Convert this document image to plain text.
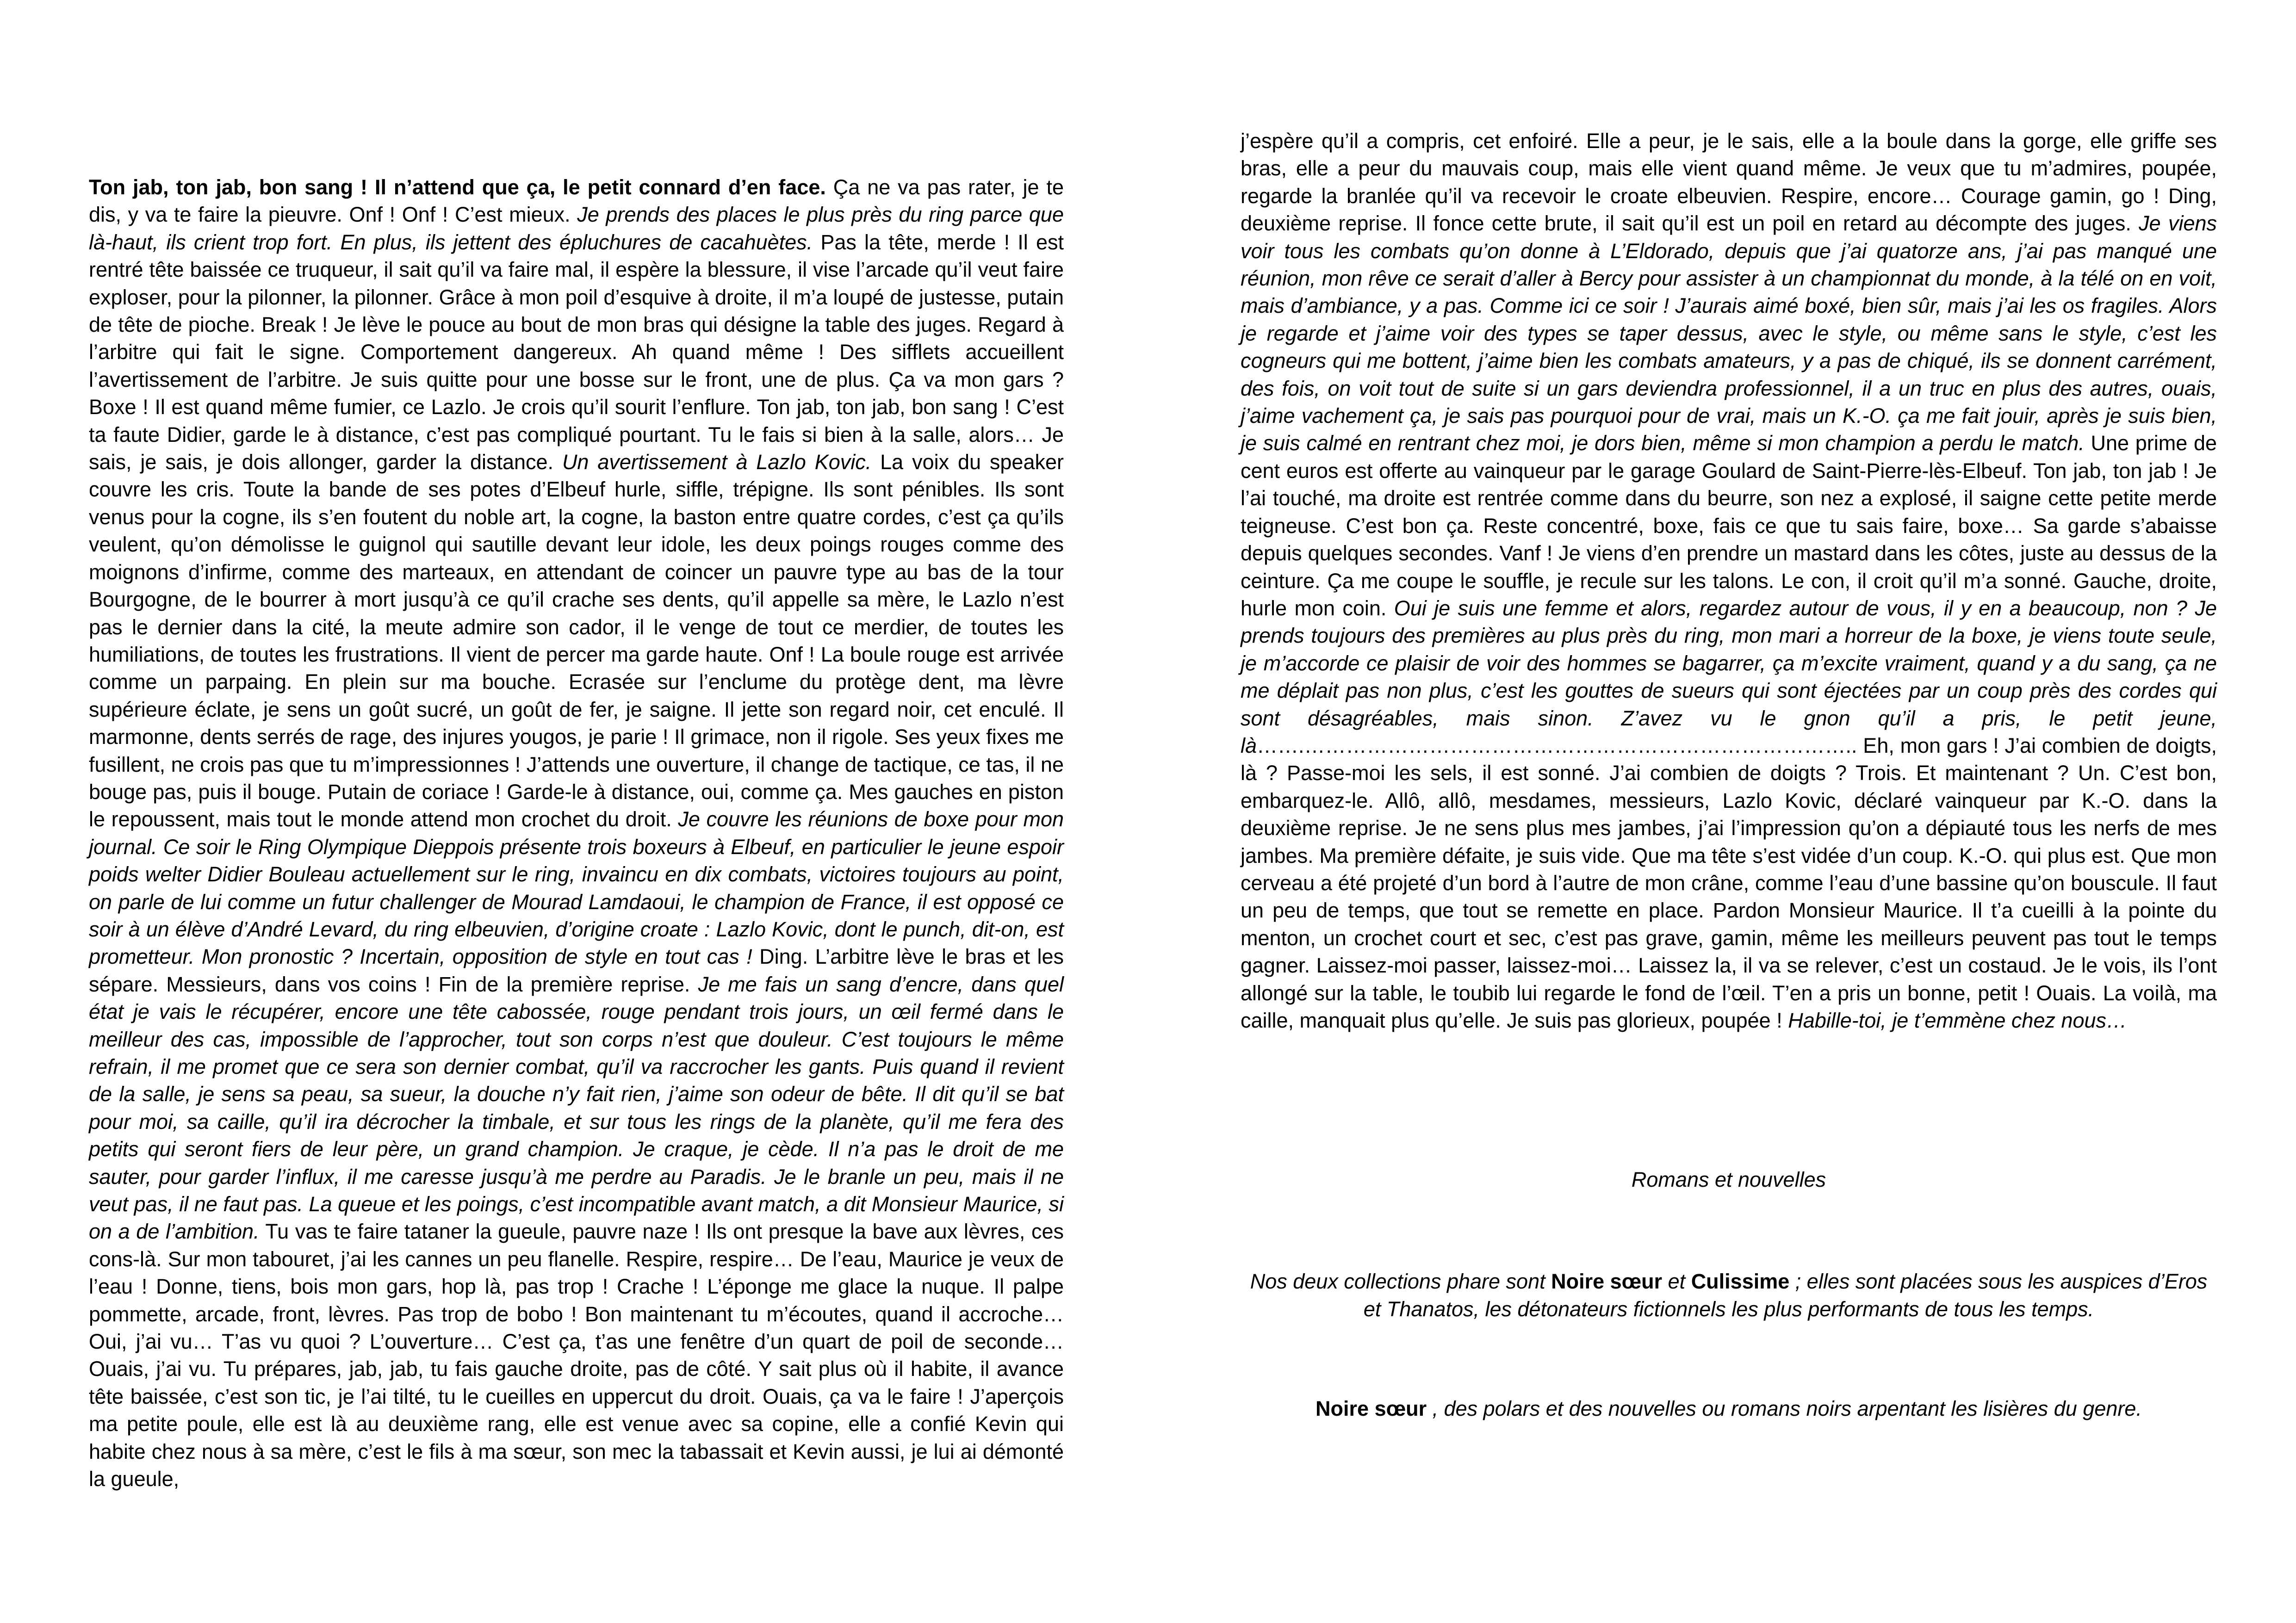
Ton jab, ton jab, bon sang ! Il n’attend que ça, le petit connard d’en face. Ça ne va pas rater, je te dis, y va te faire la pieuvre. Onf ! Onf ! C’est mieux. Je prends des places le plus près du ring parce que là-haut, ils crient trop fort. En plus, ils jettent des épluchures de cacahuètes. Pas la tête, merde ! Il est rentré tête baissée ce truqueur, il sait qu’il va faire mal, il espère la blessure, il vise l’arcade qu’il veut faire exploser, pour la pilonner, la pilonner. Grâce à mon poil d’esquive à droite, il m’a loupé de justesse, putain de tête de pioche. Break ! Je lève le pouce au bout de mon bras qui désigne la table des juges. Regard à l’arbitre qui fait le signe. Comportement dangereux. Ah quand même ! Des sifflets accueillent l’avertissement de l’arbitre. Je suis quitte pour une bosse sur le front, une de plus. Ça va mon gars ? Boxe ! Il est quand même fumier, ce Lazlo. Je crois qu’il sourit l’enflure. Ton jab, ton jab, bon sang ! C’est ta faute Didier, garde le à distance, c’est pas compliqué pourtant. Tu le fais si bien à la salle, alors… Je sais, je sais, je dois allonger, garder la distance. Un avertissement à Lazlo Kovic. La voix du speaker couvre les cris. Toute la bande de ses potes d’Elbeuf hurle, siffle, trépigne. Ils sont pénibles. Ils sont venus pour la cogne, ils s’en foutent du noble art, la cogne, la baston entre quatre cordes, c’est ça qu’ils veulent, qu’on démolisse le guignol qui sautille devant leur idole, les deux poings rouges comme des moignons d’infirme, comme des marteaux, en attendant de coincer un pauvre type au bas de la tour Bourgogne, de le bourrer à mort jusqu’à ce qu’il crache ses dents, qu’il appelle sa mère, le Lazlo n’est pas le dernier dans la cité, la meute admire son cador, il le venge de tout ce merdier, de toutes les humiliations, de toutes les frustrations. Il vient de percer ma garde haute. Onf ! La boule rouge est arrivée comme un parpaing. En plein sur ma bouche. Ecrasée sur l’enclume du protège dent, ma lèvre supérieure éclate, je sens un goût sucré, un goût de fer, je saigne. Il jette son regard noir, cet enculé. Il marmonne, dents serrés de rage, des injures yougos, je parie ! Il grimace, non il rigole. Ses yeux fixes me fusillent, ne crois pas que tu m’impressionnes ! J’attends une ouverture, il change de tactique, ce tas, il ne bouge pas, puis il bouge. Putain de coriace ! Garde-le à distance, oui, comme ça. Mes gauches en piston le repoussent, mais tout le monde attend mon crochet du droit. Je couvre les réunions de boxe pour mon journal. Ce soir le Ring Olympique Dieppois présente trois boxeurs à Elbeuf, en particulier le jeune espoir poids welter Didier Bouleau actuellement sur le ring, invaincu en dix combats, victoires toujours au point, on parle de lui comme un futur challenger de Mourad Lamdaoui, le champion de France, il est opposé ce soir à un élève d’André Levard, du ring elbeuvien, d’origine croate : Lazlo Kovic, dont le punch, dit-on, est prometteur. Mon pronostic ? Incertain, opposition de style en tout cas ! Ding. L’arbitre lève le bras et les sépare. Messieurs, dans vos coins ! Fin de la première reprise. Je me fais un sang d’encre, dans quel état je vais le récupérer, encore une tête cabossée, rouge pendant trois jours, un œil fermé dans le meilleur des cas, impossible de l’approcher, tout son corps n’est que douleur. C’est toujours le même refrain, il me promet que ce sera son dernier combat, qu’il va raccrocher les gants. Puis quand il revient de la salle, je sens sa peau, sa sueur, la douche n’y fait rien, j’aime son odeur de bête. Il dit qu’il se bat pour moi, sa caille, qu’il ira décrocher la timbale, et sur tous les rings de la planète, qu’il me fera des petits qui seront fiers de leur père, un grand champion. Je craque, je cède. Il n’a pas le droit de me sauter, pour garder l’influx, il me caresse jusqu’à me perdre au Paradis. Je le branle un peu, mais il ne veut pas, il ne faut pas. La queue et les poings, c’est incompatible avant match, a dit Monsieur Maurice, si on a de l’ambition. Tu vas te faire tataner la gueule, pauvre naze ! Ils ont presque la bave aux lèvres, ces cons-là. Sur mon tabouret, j’ai les cannes un peu flanelle. Respire, respire… De l’eau, Maurice je veux de l’eau ! Donne, tiens, bois mon gars, hop là, pas trop ! Crache ! L’éponge me glace la nuque. Il palpe pommette, arcade, front, lèvres. Pas trop de bobo ! Bon maintenant tu m’écoutes, quand il accroche… Oui, j’ai vu… T’as vu quoi ? L’ouverture… C’est ça, t’as une fenêtre d’un quart de poil de seconde… Ouais, j’ai vu. Tu prépares, jab, jab, tu fais gauche droite, pas de côté. Y sait plus où il habite, il avance tête baissée, c’est son tic, je l’ai tilté, tu le cueilles en uppercut du droit. Ouais, ça va le faire ! J’aperçois ma petite poule, elle est là au deuxième rang, elle est venue avec sa copine, elle a confié Kevin qui habite chez nous à sa mère, c’est le fils à ma sœur, son mec la tabassait et Kevin aussi, je lui ai démonté la gueule,

j’espère qu’il a compris, cet enfoiré. Elle a peur, je le sais, elle a la boule dans la gorge, elle griffe ses bras, elle a peur du mauvais coup, mais elle vient quand même. Je veux que tu m’admires, poupée, regarde la branlée qu’il va recevoir le croate elbeuvien. Respire, encore… Courage gamin, go ! Ding, deuxième reprise. Il fonce cette brute, il sait qu’il est un poil en retard au décompte des juges. Je viens voir tous les combats qu’on donne à L’Eldorado, depuis que j’ai quatorze ans, j’ai pas manqué une réunion, mon rêve ce serait d’aller à Bercy pour assister à un championnat du monde, à la télé on en voit, mais d’ambiance, y a pas. Comme ici ce soir ! J’aurais aimé boxé, bien sûr, mais j’ai les os fragiles. Alors je regarde et j’aime voir des types se taper dessus, avec le style, ou même sans le style, c’est les cogneurs qui me bottent, j’aime bien les combats amateurs, y a pas de chiqué, ils se donnent carrément, des fois, on voit tout de suite si un gars deviendra professionnel, il a un truc en plus des autres, ouais, j’aime vachement ça, je sais pas pourquoi pour de vrai, mais un K.-O. ça me fait jouir, après je suis bien, je suis calmé en rentrant chez moi, je dors bien, même si mon champion a perdu le match. Une prime de cent euros est offerte au vainqueur par le garage Goulard de Saint-Pierre-lès-Elbeuf. Ton jab, ton jab ! Je l’ai touché, ma droite est rentrée comme dans du beurre, son nez a explosé, il saigne cette petite merde teigneuse. C’est bon ça. Reste concentré, boxe, fais ce que tu sais faire, boxe… Sa garde s’abaisse depuis quelques secondes. Vanf ! Je viens d’en prendre un mastard dans les côtes, juste au dessus de la ceinture. Ça me coupe le souffle, je recule sur les talons. Le con, il croit qu’il m’a sonné. Gauche, droite, hurle mon coin. Oui je suis une femme et alors, regardez autour de vous, il y en a beaucoup, non ? Je prends toujours des premières au plus près du ring, mon mari a horreur de la boxe, je viens toute seule, je m’accorde ce plaisir de voir des hommes se bagarrer, ça m’excite vraiment, quand y a du sang, ça ne me déplait pas non plus, c’est les gouttes de sueurs qui sont éjectées par un coup près des cordes qui sont désagréables, mais sinon. Z’avez vu le gnon qu’il a pris, le petit jeune, là…….…………………………………………………………………….. Eh, mon gars ! J’ai combien de doigts, là ? Passe-moi les sels, il est sonné. J’ai combien de doigts ? Trois. Et maintenant ? Un. C’est bon, embarquez-le. Allô, allô, mesdames, messieurs, Lazlo Kovic, déclaré vainqueur par K.-O. dans la deuxième reprise. Je ne sens plus mes jambes, j’ai l’impression qu’on a dépiauté tous les nerfs de mes jambes. Ma première défaite, je suis vide. Que ma tête s’est vidée d’un coup. K.-O. qui plus est. Que mon cerveau a été projeté d’un bord à l’autre de mon crâne, comme l’eau d’une bassine qu’on bouscule. Il faut un peu de temps, que tout se remette en place. Pardon Monsieur Maurice. Il t’a cueilli à la pointe du menton, un crochet court et sec, c’est pas grave, gamin, même les meilleurs peuvent pas tout le temps gagner. Laissez-moi passer, laissez-moi… Laissez la, il va se relever, c’est un costaud. Je le vois, ils l’ont allongé sur la table, le toubib lui regarde le fond de l’œil. T’en a pris un bonne, petit ! Ouais. La voilà, ma caille, manquait plus qu’elle. Je suis pas glorieux, poupée ! Habille-toi, je t’emmène chez nous…

Romans et nouvelles

Nos deux collections phare sont Noire sœur et Culissime ; elles sont placées sous les auspices d’Eros et Thanatos, les détonateurs fictionnels les plus performants de tous les temps.

Noire sœur , des polars et des nouvelles ou romans noirs arpentant les lisières du genre.
